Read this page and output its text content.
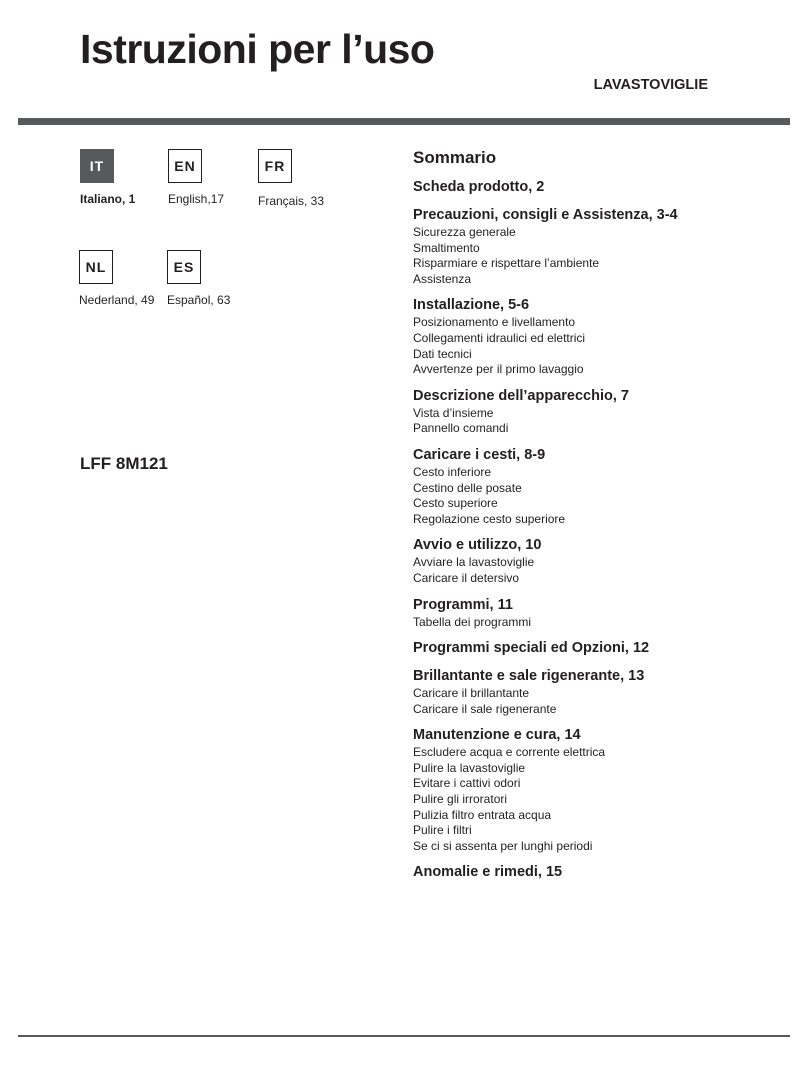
Istruzioni per l’uso
LAVASTOVIGLIE
IT
Italiano, 1
EN
English,17
FR
Français, 33
NL
Nederland, 49
ES
Español, 63
LFF 8M121
Sommario
Scheda prodotto, 2
Precauzioni, consigli e Assistenza, 3-4
Sicurezza generale
Smaltimento
Risparmiare e rispettare l’ambiente
Assistenza
Installazione, 5-6
Posizionamento e livellamento
Collegamenti idraulici ed elettrici
Dati tecnici
Avvertenze per il primo lavaggio
Descrizione dell’apparecchio, 7
Vista d’insieme
Pannello comandi
Caricare i cesti, 8-9
Cesto inferiore
Cestino delle posate
Cesto superiore
Regolazione cesto superiore
Avvio e utilizzo, 10
Avviare la lavastoviglie
Caricare il detersivo
Programmi, 11
Tabella dei programmi
Programmi speciali ed Opzioni, 12
Brillantante e sale rigenerante, 13
Caricare il brillantante
Caricare il sale rigenerante
Manutenzione e cura, 14
Escludere acqua e corrente elettrica
Pulire la lavastoviglie
Evitare i cattivi odori
Pulire gli irroratori
Pulizia filtro entrata acqua
Pulire i filtri
Se ci si assenta per lunghi periodi
Anomalie e rimedi, 15
